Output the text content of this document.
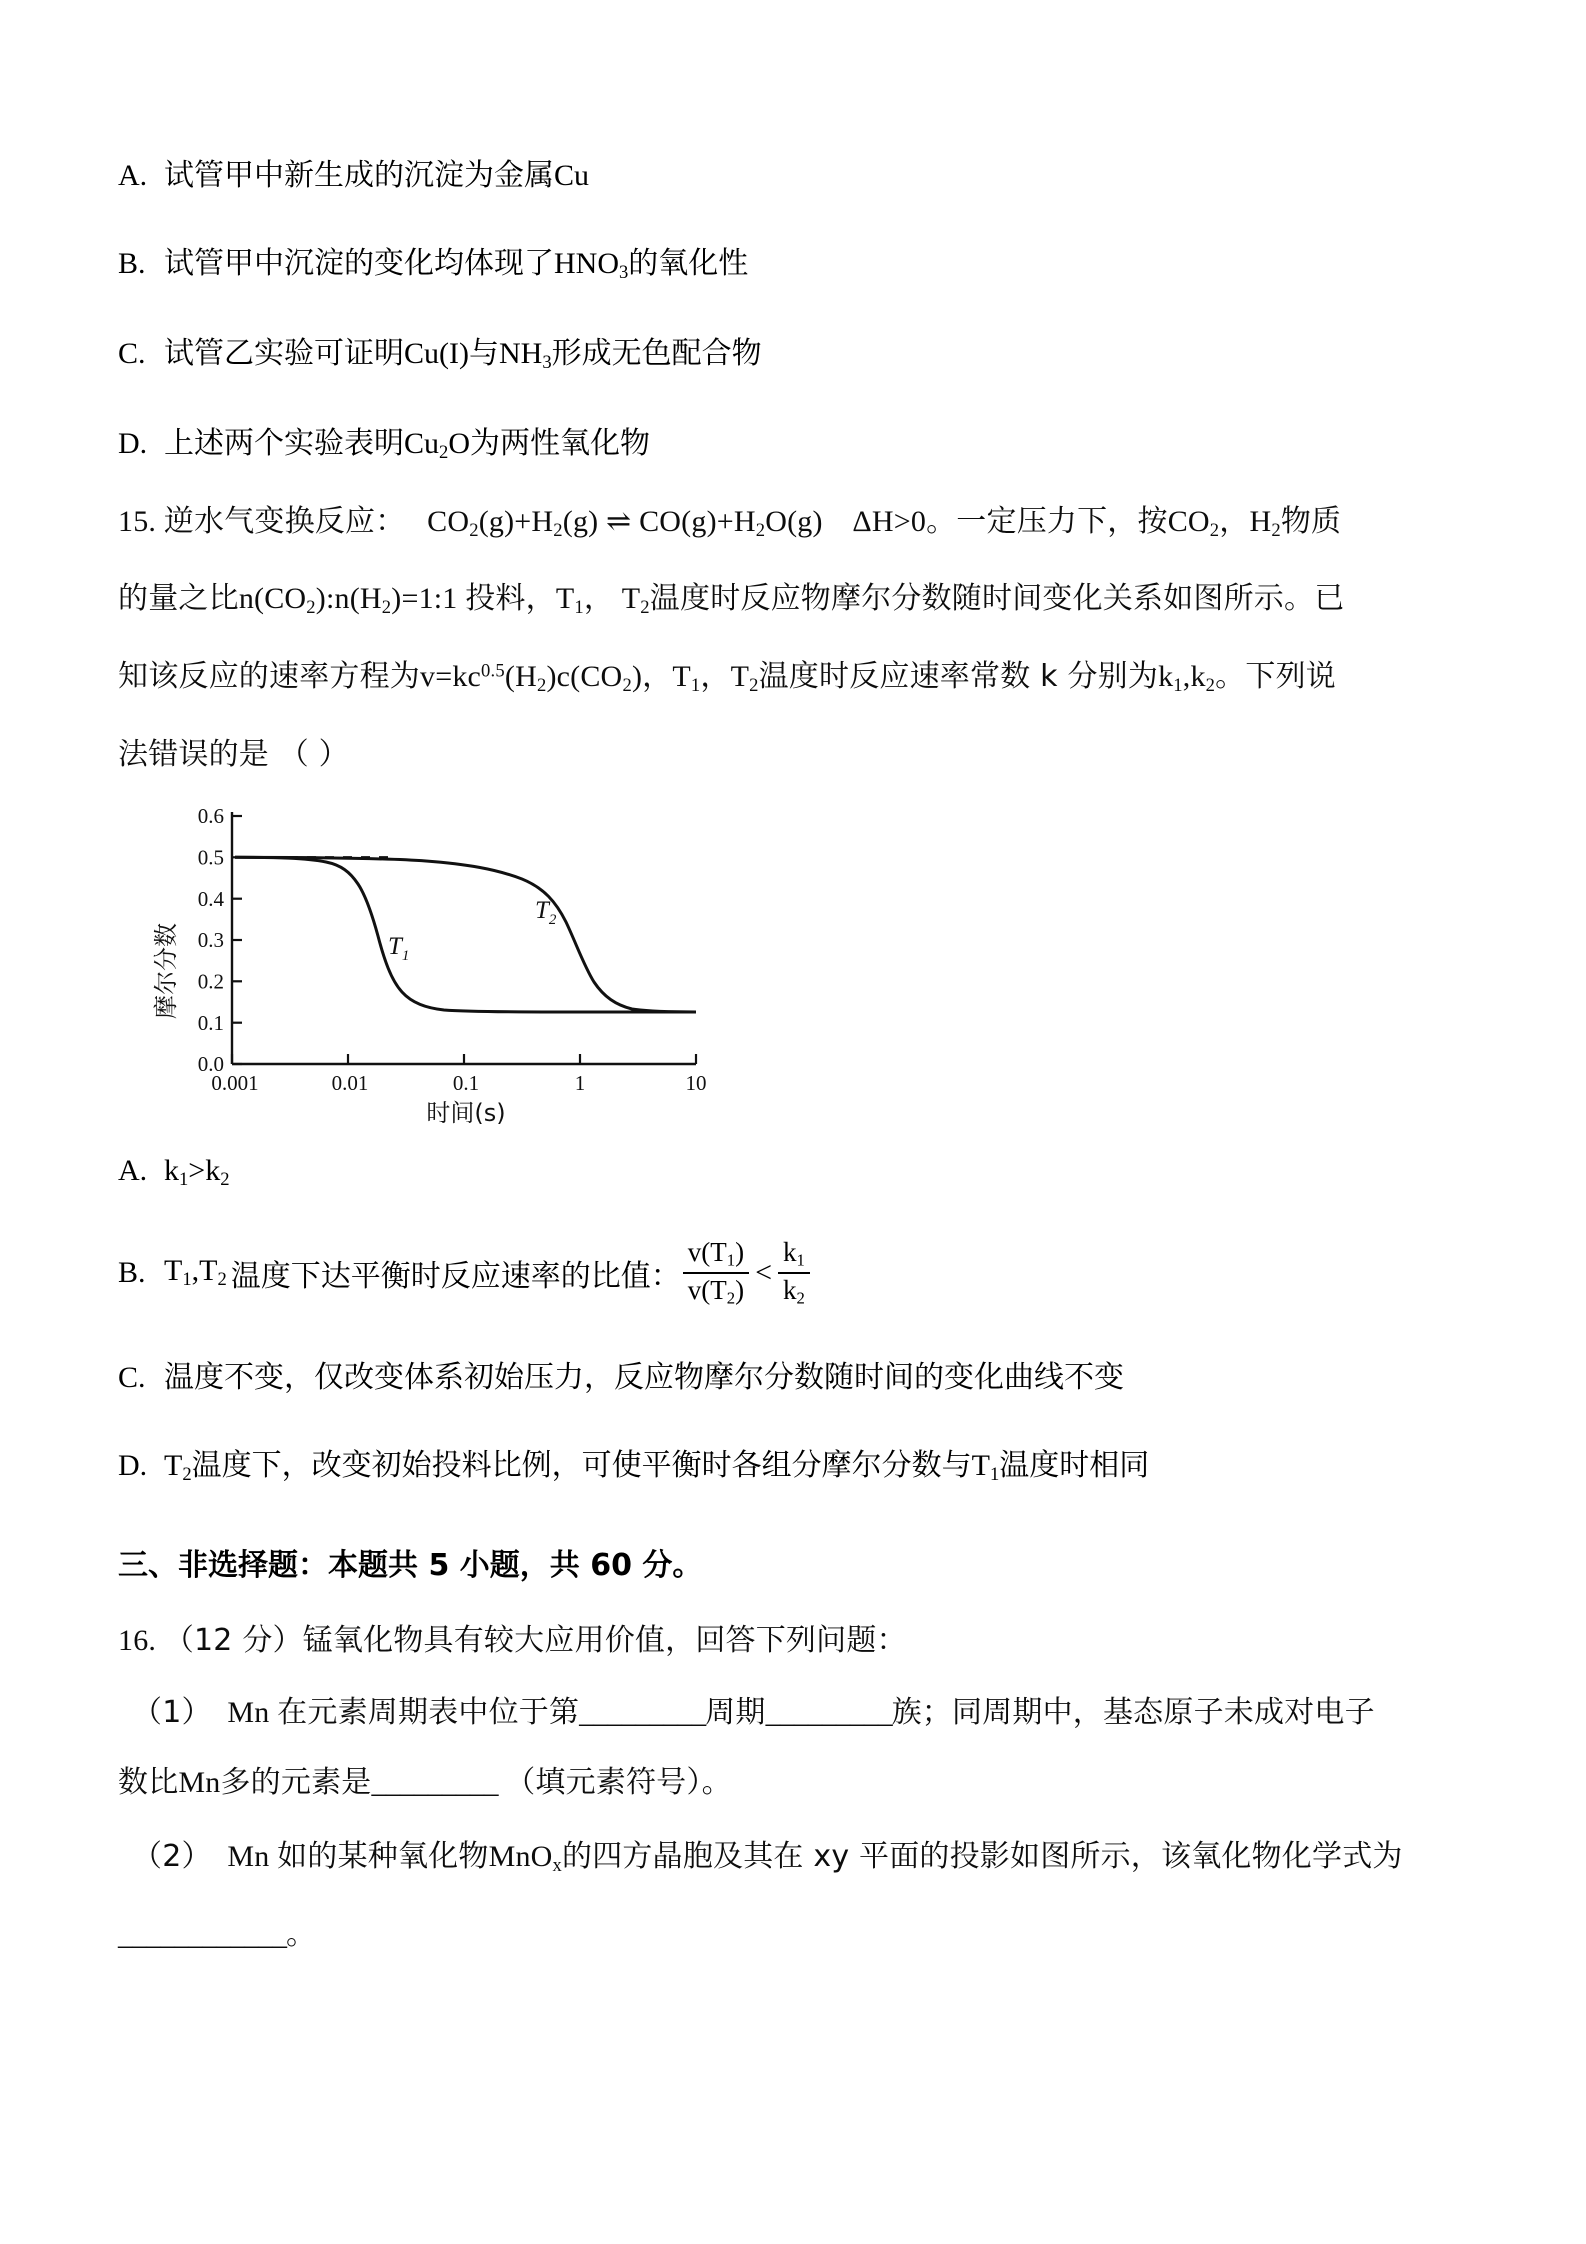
A. 试管甲中新生成的沉淀为金属Cu
B. 试管甲中沉淀的变化均体现了$HNO_3$的氧化性
C. 试管乙实验可证明Cu(I)与$NH_3$形成无色配合物
D. 上述两个实验表明$Cu_2O$为两性氧化物
15. 逆水气变换反应： $CO_2(g)+H_2(g)$ ⇌ $CO(g)+H_2O(g)$ ΔH>0。一定压力下，按$CO_2$，$H_2$物质
的量之比$n(CO_2):n(H_2)=1:1$ 投料，$T_1$， $T_2$温度时反应物摩尔分数随时间变化关系如图所示。已
知该反应的速率方程为$v=kc^{0.5}(H_2)c(CO_2)$，$T_1$，$T_2$温度时反应速率常数 k 分别为$k_1,k_2$。下列说
法错误的是 （ ）
0.0
0.1
0.2
0.3
0.4
0.5
0.6
0.001	0.01	0.1	1	10
$T_1$
$T_2$
摩尔分数
时间(s)
A. $k_1>k_2$
B. $T_1,T_2$ 温度下达平衡时反应速率的比值： $\frac{v(T_1)}{v(T_2)} < \frac{k_1}{k_2}$
C. 温度不变，仅改变体系初始压力，反应物摩尔分数随时间的变化曲线不变
D. $T_2$温度下，改变初始投料比例，可使平衡时各组分摩尔分数与$T_1$温度时相同
三、非选择题：本题共 5 小题，共 60 分。
16. （12 分）锰氧化物具有较大应用价值，回答下列问题：
（1） Mn 在元素周期表中位于第_________周期_________族；同周期中，基态原子未成对电子
数比Mn多的元素是_________ （填元素符号）。
（2） Mn 如的某种氧化物MnO$_x$的四方晶胞及其在 xy 平面的投影如图所示，该氧化物化学式为
____________。
